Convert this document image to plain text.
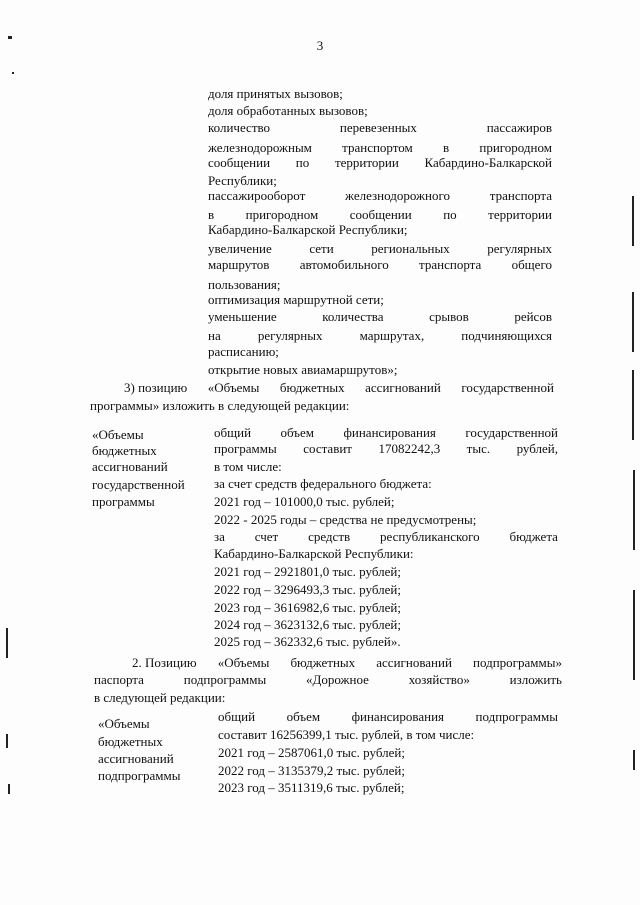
3
доля принятых вызовов;
доля обработанных вызовов;
количество	перевезенных	пассажиров
железнодорожным транспортом в пригородном
сообщении по территории Кабардино-Балкарской
Республики;
пассажирооборот	железнодорожного	транспорта
в пригородном сообщении по территории
Кабардино-Балкарской Республики;
увеличение	сети	региональных	регулярных
маршрутов автомобильного транспорта общего
пользования;
оптимизация маршрутной сети;
уменьшение	количества	срывов	рейсов
на	регулярных	маршрутах,	подчиняющихся
расписанию;
открытие новых авиамаршрутов»;
3) позицию «Объемы бюджетных ассигнований государственной
программы» изложить в следующей редакции:
«Объемы
бюджетных
ассигнований
государственной
программы
общий объем финансирования государственной
программы составит 17082242,3 тыс. рублей,
в том числе:
за счет средств федерального бюджета:
2021 год – 101000,0 тыс. рублей;
2022 - 2025 годы – средства не предусмотрены;
за счет средств республиканского бюджета
Кабардино-Балкарской Республики:
2021 год – 2921801,0 тыс. рублей;
2022 год – 3296493,3 тыс. рублей;
2023 год – 3616982,6 тыс. рублей;
2024 год – 3623132,6 тыс. рублей;
2025 год – 362332,6 тыс. рублей».
2. Позицию «Объемы бюджетных ассигнований подпрограммы»
паспорта	подпрограммы	«Дорожное	хозяйство»	изложить
в следующей редакции:
«Объемы
бюджетных
ассигнований
подпрограммы
общий объем финансирования подпрограммы
составит 16256399,1 тыс. рублей, в том числе:
2021 год – 2587061,0 тыс. рублей;
2022 год – 3135379,2 тыс. рублей;
2023 год – 3511319,6 тыс. рублей;
